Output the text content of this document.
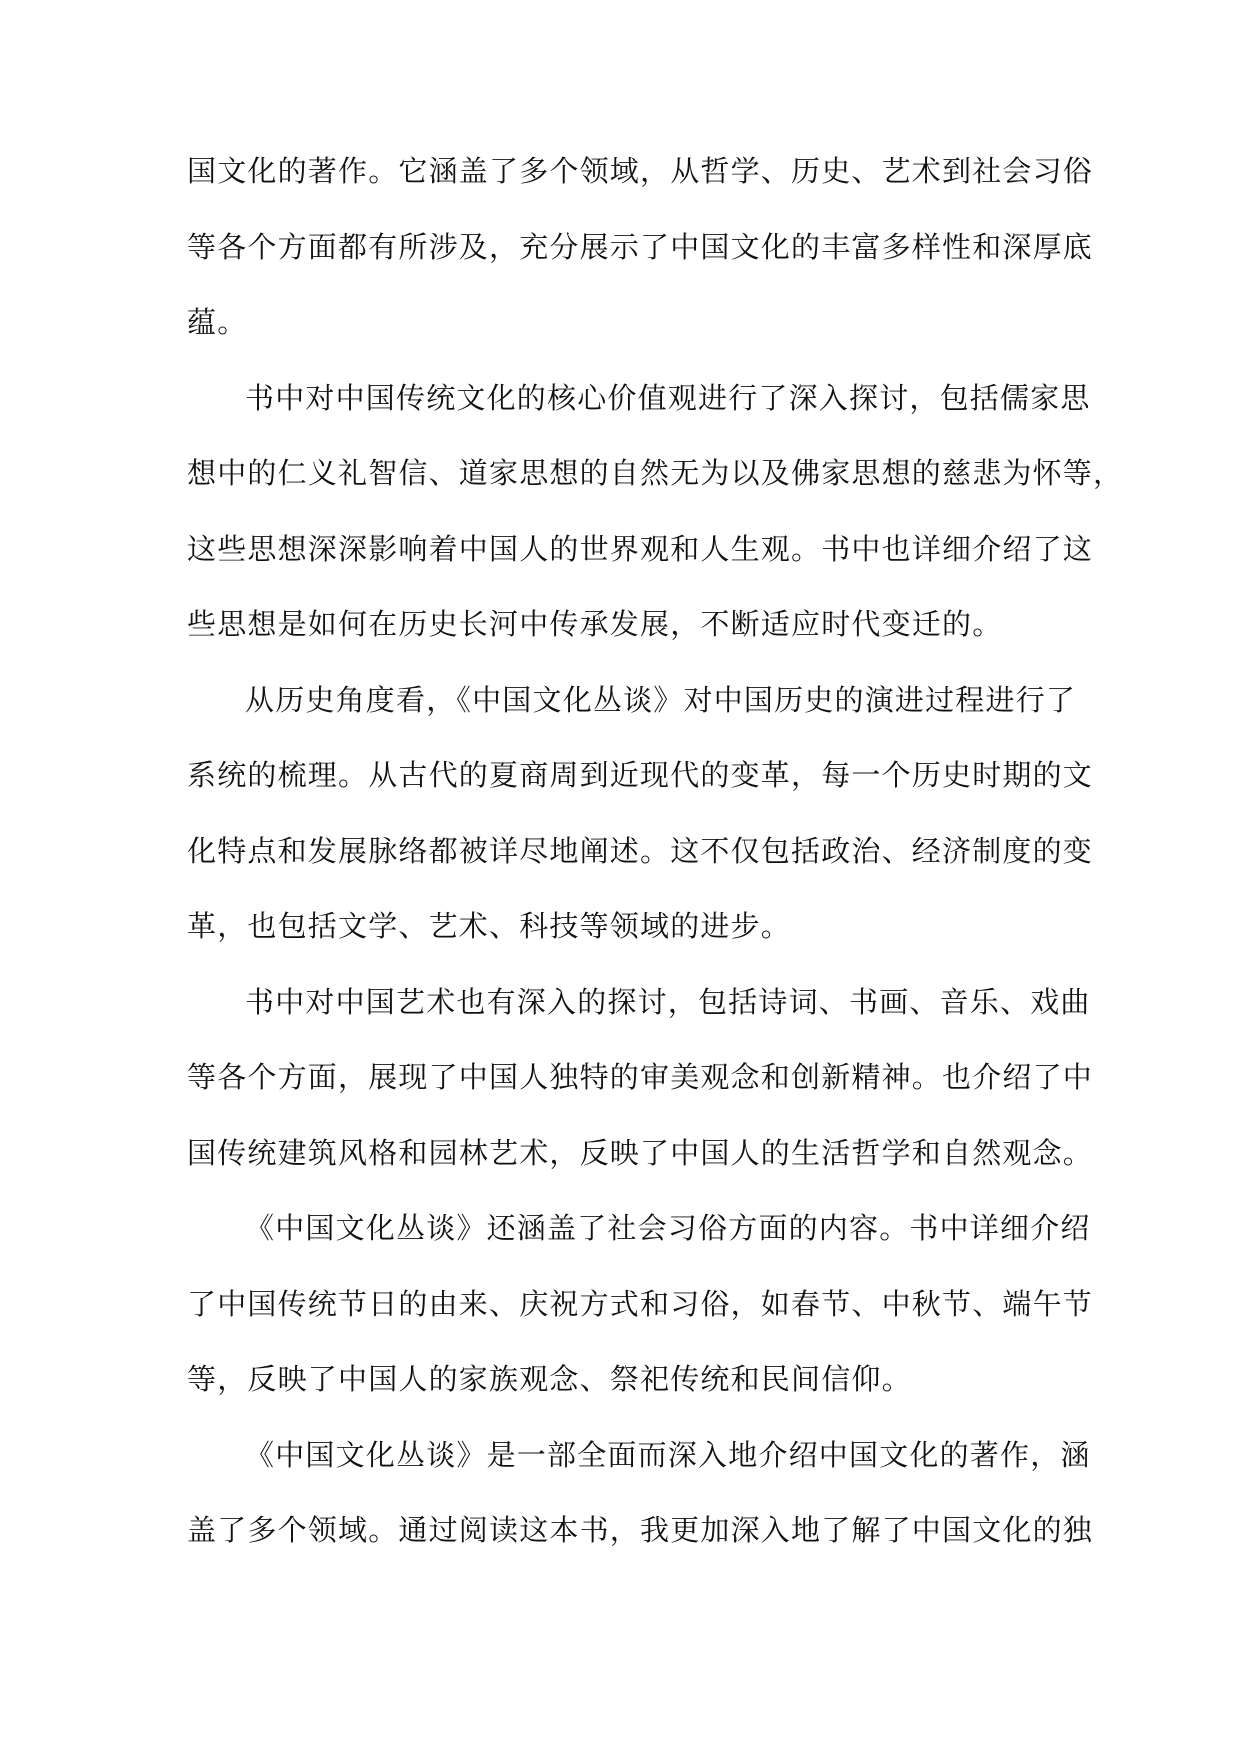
国文化的著作。它涵盖了多个领域，从哲学、历史、艺术到社会习俗
等各个方面都有所涉及，充分展示了中国文化的丰富多样性和深厚底
蕴。
书中对中国传统文化的核心价值观进行了深入探讨，包括儒家思
想中的仁义礼智信、道家思想的自然无为以及佛家思想的慈悲为怀等，
这些思想深深影响着中国人的世界观和人生观。书中也详细介绍了这
些思想是如何在历史长河中传承发展，不断适应时代变迁的。
从历史角度看，《中国文化丛谈》对中国历史的演进过程进行了
系统的梳理。从古代的夏商周到近现代的变革，每一个历史时期的文
化特点和发展脉络都被详尽地阐述。这不仅包括政治、经济制度的变
革，也包括文学、艺术、科技等领域的进步。
书中对中国艺术也有深入的探讨，包括诗词、书画、音乐、戏曲
等各个方面，展现了中国人独特的审美观念和创新精神。也介绍了中
国传统建筑风格和园林艺术，反映了中国人的生活哲学和自然观念。
《中国文化丛谈》还涵盖了社会习俗方面的内容。书中详细介绍
了中国传统节日的由来、庆祝方式和习俗，如春节、中秋节、端午节
等，反映了中国人的家族观念、祭祀传统和民间信仰。
《中国文化丛谈》是一部全面而深入地介绍中国文化的著作，涵
盖了多个领域。通过阅读这本书，我更加深入地了解了中国文化的独
